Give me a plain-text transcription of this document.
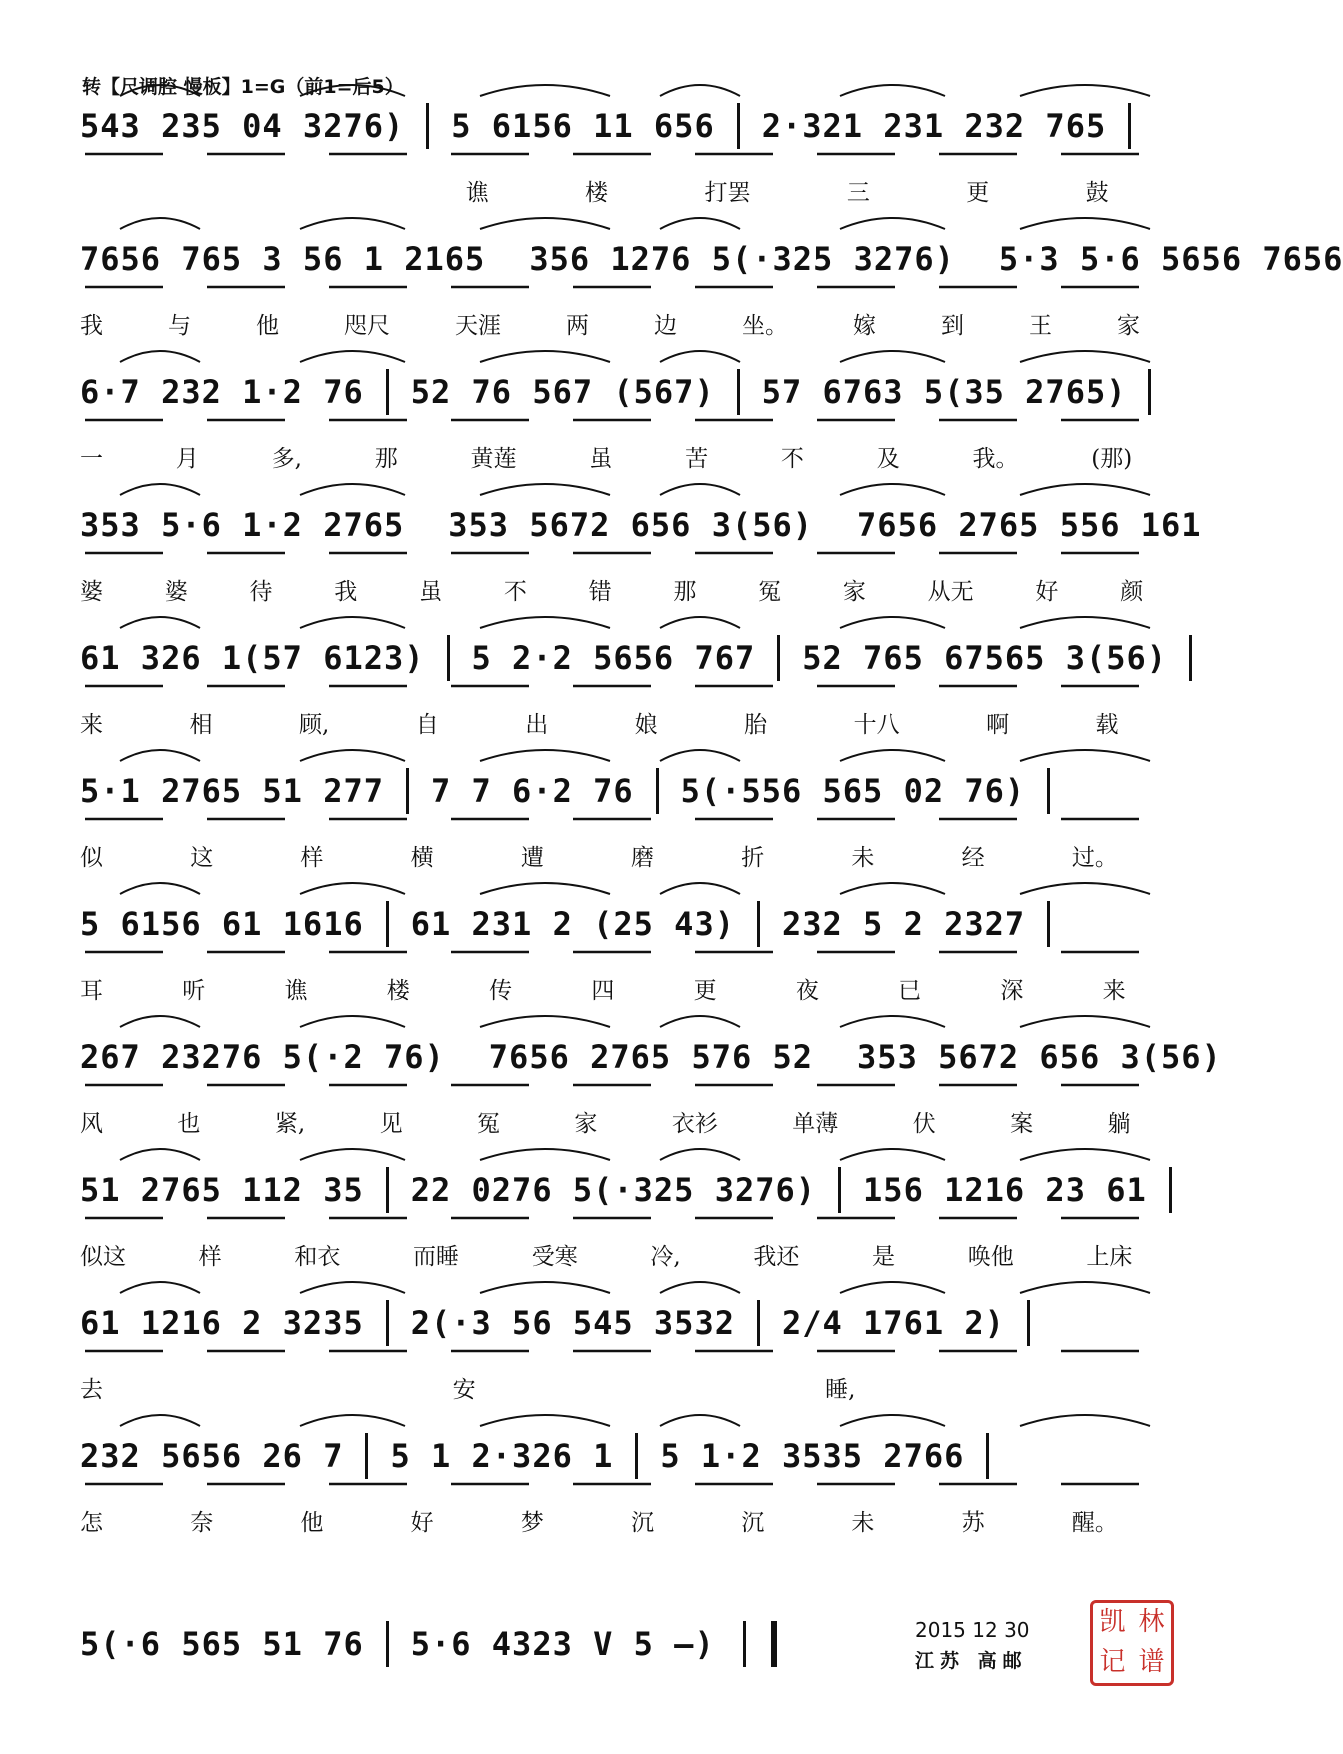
转【尺调腔 慢板】1=G（前1=后5）
543 235 04 3276) 5 6156 11 656 2·321 231 232 765
谯	楼	打罢	三	更	鼓
7656 765 3 56 1 2165 356 1276 5(·325 3276) 5·3 5·6 5656 7656
我	与	他	咫尺	天涯	两	边	坐。	嫁	到	王	家
6·7 232 1·2 76 52 76 567 (567) 57 6763 5(35 2765)
一	月	多,	那	黄莲	虽	苦	不	及	我。	(那)
353 5·6 1·2 2765 353 5672 656 3(56) 7656 2765 556 161
婆	婆	待	我	虽	不	错	那	冤	家	从无	好	颜
61 326 1(57 6123) 5 2·2 5656 767 52 765 67565 3(56)
来	相	顾,	自	出	娘	胎	十八	啊	载
5·1 2765 51 277 7 7 6·2 76 5(·556 565 02 76)
似	这	样	横	遭	磨	折	未	经	过。
5 6156 61 1616 61 231 2 (25 43) 232 5 2 2327
耳	听	谯	楼	传	四	更	夜	已	深	来
267 23276 5(·2 76) 7656 2765 576 52 353 5672 656 3(56)
风	也	紧,	见	冤	家	衣衫	单薄	伏	案	躺
51 2765 112 35 22 0276 5(·325 3276) 156 1216 23 61
似这	样	和衣	而睡	受寒	冷,	我还	是	唤他	上床
61 1216 2 3235 2(·3 56 545 3532 2/4 1761 2)
去	安	睡,
232 5656 26 7 5 1 2·326 1 5 1·2 3535 2766
怎	奈	他	好	梦	沉	沉	未	苏	醒。
5(·6 565 51 76 5·6 4323 V 5 –)	2015 12 30
江苏 高邮
凯 林
记 谱
